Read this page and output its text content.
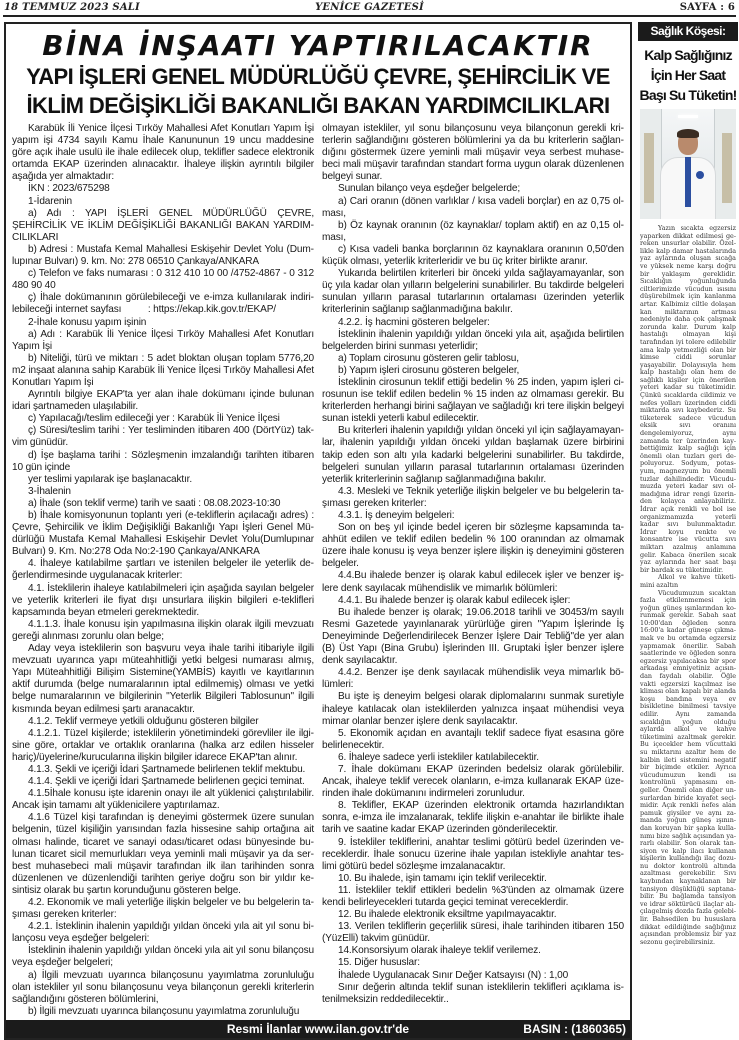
18 TEMMUZ 2023 SALI	YENİCE GAZETESİ	SAYFA : 6
BİNA İNŞAATI YAPTIRILACAKTIR
YAPI İŞLERİ GENEL MÜDÜRLÜĞÜ ÇEVRE, ŞEHİRCİLİK VE
İKLİM DEĞİŞİKLİĞİ BAKANLIĞI BAKAN YARDIMCILIKLARI

Karabük İli Yenice İlçesi Tırköy Mahallesi Afet Konutları Yapım İşi yapım işi 4734 sayılı Kamu İhale Kanununun 19 uncu maddesine göre açık ihale usulü ile ihale edilecek olup, teklifler sadece elektronik ortamda EKAP üzerinden alınacaktır. İhaleye ilişkin ayrıntılı bilgiler aşağıda yer almaktadır:

İKN : 2023/675298

1-İdarenin

a) Adı : YAPI İŞLERİ GENEL MÜDÜRLÜĞÜ ÇEVRE, ŞEHİRCİLİK VE İKLİM DEĞİŞİKLİĞİ BAKANLIĞI BAKAN YARDIMCILIKLARI

b) Adresi : Mustafa Kemal Mahallesi Eskişehir Devlet Yolu (Dumlupınar Bulvarı) 9. km. No: 278 06510 Çankaya/ANKARA

c) Telefon ve faks numarası : 0 312 410 10 00 /4752-4867 - 0 312 480 90 40

ç) İhale dokümanının görülebileceği ve e-imza kullanılarak indirilebileceği internet sayfası          : https://ekap.kik.gov.tr/EKAP/

2-İhale konusu yapım işinin

a) Adı : Karabük İli Yenice İlçesi Tırköy Mahallesi Afet Konutları Yapım İşi

b) Niteliği, türü ve miktarı : 5 adet bloktan oluşan toplam 5776,20 m2 inşaat alanına sahip Karabük İli Yenice İlçesi Tırköy Mahallesi Afet Konutları Yapım İşi

Ayrıntılı bilgiye EKAP'ta yer alan ihale dokümanı içinde bulunan idari şartnameden ulaşılabilir.

c) Yapılacağı/teslim edileceği yer : Karabük İli Yenice İlçesi

ç) Süresi/teslim tarihi : Yer tesliminden itibaren 400 (DörtYüz) takvim günüdür.

d) İşe başlama tarihi : Sözleşmenin imzalandığı tarihten itibaren 10 gün içinde

yer teslimi yapılarak işe başlanacaktır.

3-İhalenin

a) İhale (son teklif verme) tarih ve saati : 08.08.2023-10:30

b) İhale komisyonunun toplantı yeri (e-tekliflerin açılacağı adres) : Çevre, Şehircilik ve İklim Değişikliği Bakanlığı Yapı İşleri Genel Müdürlüğü Mustafa Kemal Mahallesi Eskişehir Devlet Yolu(Dumlupınar Bulvarı) 9. Km. No:278 Oda No:2-190 Çankaya/ANKARA

4. İhaleye katılabilme şartları ve istenilen belgeler ile yeterlik değerlendirmesinde uygulanacak kriterler:

4.1. İsteklilerin ihaleye katılabilmeleri için aşağıda sayılan belgeler ve yeterlik kriterleri ile fiyat dışı unsurlara ilişkin bilgileri e-teklifleri kapsamında beyan etmeleri gerekmektedir.

4.1.1.3. İhale konusu işin yapılmasına ilişkin olarak ilgili mevzuatı gereği alınması zorunlu olan belge;

Aday veya isteklilerin son başvuru veya ihale tarihi itibariyle ilgili mevzuatı uyarınca yapı müteahhitliği yetki belgesi numarası almış, Yapı Müteahhitliği Bilişim Sistemine(YAMBİS) kayıtlı ve kayıtlarının aktif durumda (belge numaralarının iptal edilmemiş) olması ve yetki belge numaralarının ve bilgilerinin "Yeterlik Bilgileri Tablosunun" ilgili kısmında beyan edilmesi şartı aranacaktır.

4.1.2. Teklif vermeye yetkili olduğunu gösteren bilgiler

4.1.2.1. Tüzel kişilerde; isteklilerin yönetimindeki görevliler ile ilgisine göre, ortaklar ve ortaklık oranlarına (halka arz edilen hisseler hariç)/üyelerine/kurucularına ilişkin bilgiler idarece EKAP'tan alınır.

4.1.3. Şekli ve içeriği İdari Şartnamede belirlenen teklif mektubu.

4.1.4. Şekli ve içeriği İdari Şartnamede belirlenen geçici teminat.

4.1.5İhale konusu işte idarenin onayı ile alt yüklenici çalıştırılabilir. Ancak işin tamamı alt yüklenicilere yaptırılamaz.

4.1.6 Tüzel kişi tarafından iş deneyimi göstermek üzere sunulan belgenin, tüzel kişiliğin yarısından fazla hissesine sahip ortağına ait olması halinde, ticaret ve sanayi odası/ticaret odası bünyesinde bulunan ticaret sicil memurlukları veya yeminli mali müşavir ya da serbest muhasebeci mali müşavir tarafından ilk ilan tarihinden sonra düzenlenen ve düzenlendiği tarihten geriye doğru son bir yıldır kesintisiz olarak bu şartın korunduğunu gösteren belge.

4.2. Ekonomik ve mali yeterliğe ilişkin belgeler ve bu belgelerin taşıması gereken kriterler:

4.2.1. İsteklinin ihalenin yapıldığı yıldan önceki yıla ait yıl sonu bilançosu veya eşdeğer belgeleri:

İsteklinin ihalenin yapıldığı yıldan önceki yıla ait yıl sonu bilançosu veya eşdeğer belgeleri;

a) İlgili mevzuatı uyarınca bilançosunu yayımlatma zorunluluğu olan istekliler yıl sonu bilançosunu veya bilançonun gerekli kriterlerin sağlandığını gösteren bölümlerini,

b) İlgili mevzuatı uyarınca bilançosunu yayımlatma zorunluluğu

olmayan istekliler, yıl sonu bilançosunu veya bilançonun gerekli kriterlerin sağlandığını gösteren bölümlerini ya da bu kriterlerin sağlandığını göstermek üzere yeminli mali müşavir veya serbest muhasebeci mali müşavir tarafından standart forma uygun olarak düzenlenen belgeyi sunar.

Sunulan bilanço veya eşdeğer belgelerde;

a) Cari oranın (dönen varlıklar / kısa vadeli borçlar) en az 0,75 olması,

b) Öz kaynak oranının (öz kaynaklar/ toplam aktif) en az 0,15 olması,

c) Kısa vadeli banka borçlarının öz kaynaklara oranının 0,50'den küçük olması, yeterlik kriterleridir ve bu üç kriter birlikte aranır.

Yukarıda belirtilen kriterleri bir önceki yılda sağlayamayanlar, son üç yıla kadar olan yılların belgelerini sunabilirler. Bu takdirde belgeleri sunulan yılların parasal tutarlarının ortalaması üzerinden yeterlik kriterlerinin sağlanıp sağlanmadığına bakılır.

4.2.2. İş hacmini gösteren belgeler:

İsteklinin ihalenin yapıldığı yıldan önceki yıla ait, aşağıda belirtilen belgelerden birini sunması yeterlidir;

a) Toplam cirosunu gösteren gelir tablosu,

b) Yapım işleri cirosunu gösteren belgeler,

İsteklinin cirosunun teklif ettiği bedelin % 25 inden, yapım işleri cirosunun ise teklif edilen bedelin % 15 inden az olmaması gerekir. Bu kriterlerden herhangi birini sağlayan ve sağladığı kri tere ilişkin belgeyi sunan istekli yeterli kabul edilecektir.

Bu kriterleri ihalenin yapıldığı yıldan önceki yıl için sağlayamayanlar, ihalenin yapıldığı yıldan önceki yıldan başlamak üzere birbirini takip eden son altı yıla kadarki belgelerini sunabilirler. Bu takdirde, belgeleri sunulan yılların parasal tutarlarının ortalaması üzerinden yeterlik kriterlerinin sağlanıp sağlanmadığına bakılır.

4.3. Mesleki ve Teknik yeterliğe ilişkin belgeler ve bu belgelerin taşıması gereken kriterler:

4.3.1. İş deneyim belgeleri:

Son on beş yıl içinde bedel içeren bir sözleşme kapsamında taahhüt edilen ve teklif edilen bedelin % 100 oranından az olmamak üzere ihale konusu iş veya benzer işlere ilişkin iş deneyimini gösteren belgeler.

4.4.Bu ihalede benzer iş olarak kabul edilecek işler ve benzer işlere denk sayılacak mühendislik ve mimarlık bölümleri:

4.4.1. Bu ihalede benzer iş olarak kabul edilecek işler:

Bu ihalede benzer iş olarak; 19.06.2018 tarihli ve 30453/m sayılı Resmi Gazetede yayınlanarak yürürlüğe giren "Yapım İşlerinde İş Deneyiminde Değerlendirilecek Benzer İşlere Dair Tebliğ"de yer alan (B) Üst Yapı (Bina Grubu) İşlerinden III. Gruptaki İşler benzer işlere denk sayılacaktır.

4.4.2. Benzer işe denk sayılacak mühendislik veya mimarlık bölümleri:

Bu işte iş deneyim belgesi olarak diplomalarını sunmak suretiyle ihaleye katılacak olan isteklilerden yalnızca inşaat mühendisi veya mimar olanlar benzer işlere denk sayılacaktır.

5. Ekonomik açıdan en avantajlı teklif sadece fiyat esasına göre belirlenecektir.

6. İhaleye sadece yerli istekliler katılabilecektir.

7. İhale dokümanı EKAP üzerinden bedelsiz olarak görülebilir. Ancak, ihaleye teklif verecek olanların, e-imza kullanarak EKAP üzerinden ihale dokümanını indirmeleri zorunludur.

8. Teklifler, EKAP üzerinden elektronik ortamda hazırlandıktan sonra, e-imza ile imzalanarak, teklife ilişkin e-anahtar ile birlikte ihale tarih ve saatine kadar EKAP üzerinden gönderilecektir.

9. İstekliler tekliflerini, anahtar teslimi götürü bedel üzerinden vereceklerdir. İhale sonucu üzerine ihale yapılan istekliyle anahtar teslimi götürü bedel sözleşme imzalanacaktır.

10. Bu ihalede, işin tamamı için teklif verilecektir.

11. İstekliler teklif ettikleri bedelin %3'ünden az olmamak üzere kendi belirleyecekleri tutarda geçici teminat vereceklerdir.

12. Bu ihalede elektronik eksiltme yapılmayacaktır.

13. Verilen tekliflerin geçerlilik süresi, ihale tarihinden itibaren 150 (YüzElli) takvim günüdür.

14.Konsorsiyum olarak ihaleye teklif verilemez.

15. Diğer hususlar:

İhalede Uygulanacak Sınır Değer Katsayısı (N) : 1,00

Sınır değerin altında teklif sunan isteklilerin teklifleri açıklama istenilmeksizin reddedilecektir..

Resmi İlanlar www.ilan.gov.tr'de	BASIN : (1860365)
Sağlık Köşesi:
Kalp Sağlığınız
İçin Her Saat
Başı Su Tüketin!

Yazın sıcakta egzersiz yaparken dikkat edilmesi gereken unsurlar olabilir. Özellikle kalp damar hastalarında yaz aylarında oluşan sıcağa ve yüksek neme karşı doğru bir yaklaşım gereklidir. Sıcaklığın yoğunluğunda ciltlerimizde vücudun ısısını düşürebilmek için kanlanma artar. Kalbimiz ciltle dolaşan kan miktarının artması nedeniyle daha çok çalışmak zorunda kalır. Durum kalp hastalığı olmayan kişi tarafından iyi tolere edilebilir ama kalp yetmezliği olan bir kimse ciddi sorunlar yaşayabilir. Dolayısıyla hem kalp hastalığı olan hem de sağlıklı kişiler için önerilen yeteri kadar su tüketimidir. Çünkü sıcaklarda cildimiz ve nefes yolları üzerinden ciddi miktarda sıvı kaybederiz. Su tüketerek sadece vücudun eksik sıvı oranını dengelemiyoruz, aynı zamanda ter üzerinden kaybettiğimiz kalp sağlığı için önemli olan tuzları geri depoluyoruz. Sodyum, potasyum, magnezyum bu önemli tuzlar dahilindedir. Vücudumuzda yeteri kadar sıvı olmadığına idrar rengi üzerinden kolayca anlayabiliriz. İdrar açık renkli ve bol ise organizmamızda yeterli kadar sıvı bulunmaktadır. İdrar koyu renkte ve konsantre ise vücutta sıvı miktarı azalmış anlamına gelir. Kabaca önerilen sıcak yaz aylarında her saat başı bir bardak su tüketimidir.

Alkol ve kahve tüketimini azaltın

Vücudumuzun sıcaktan fazla etkilenmemesi için yoğun güneş ışınlarından korunmak gerekir. Sabah saat 10:00'dan öğleden sonra 16:00'a kadar güneşe çıkmamak ve bu ortamda egzersiz yapmamak önerilir. Sabah saatlerinde ve öğleden sonra egzersiz yapılacaksa bir spor arkadaşı emniyetiniz açısından faydalı olabilir. Öğle vakti egzersizi kaçılmaz ise kliması olan kapalı bir alanda koşu bandına veya ev bisikletine binilmesi tavsiye edilir. Aynı zamanda sıcaklığın yoğun olduğu aylarda alkol ve kahve tüketimini azaltmak gerekir. Bu içecekler hem vücuttaki su miktarını azaltır hem de kalbin ileti sistemini negatif bir biçimde etkiler. Ayrıca vücudumuzun kendi ısı kontrolünü yapmasını engeller. Önemli olan diğer unsurlardan biride kıyafet seçimidir. Açık renkli nefes alan pamuk giysiler ve aynı zamanda yoğun güneş ışınından koruyan bir şapka kullanımı bize sağlık açısından yararlı olabilir. Son olarak tansiyon ve kalp ilacı kullanan kişilerin kullandığı ilaç dozunu doktor kontrolü altında azaltması gerekebilir. Sıvı kaybından kaynaklanan bir tansiyon düşüklüğü saptanabilir. Bu bağlamda tansiyon ve idrar söktürücü ilaçlar alıçılagelmiş dozda fazla gelebilir. Bahsedilen bu hususlara dikkat edildiğinde sağlığınız açısından problemsiz bir yaz sezonu geçirebilirsiniz.
